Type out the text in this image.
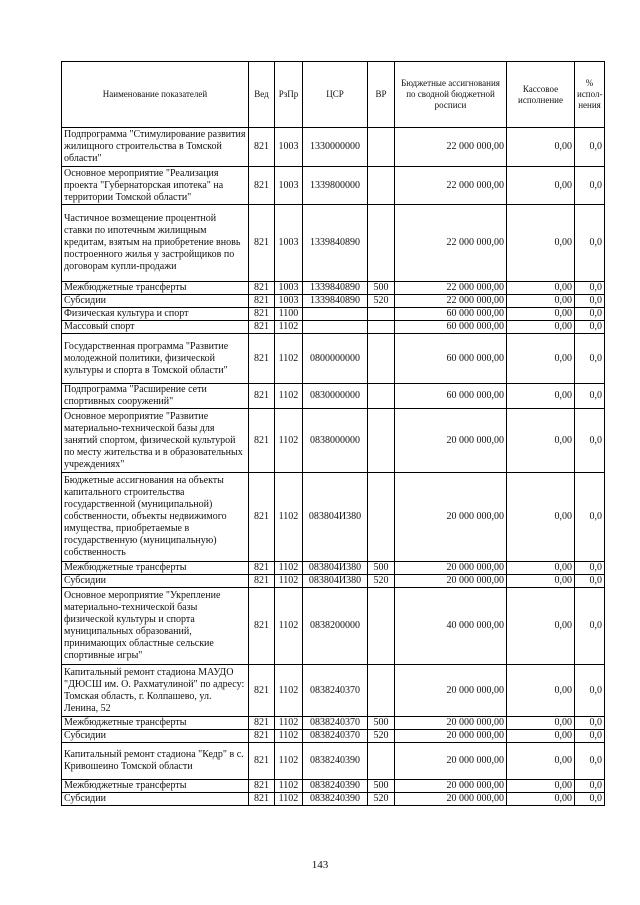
Наименование показателей	Вед	РзПр	ЦСР	ВР	Бюджетные ассигнования по сводной бюджетной росписи	Кассовое исполнение	% испол-нения
Подпрограмма "Стимулирование развития жилищного строительства в Томской области"	821	1003	1330000000		22 000 000,00	0,00	0,0
Основное мероприятие "Реализация проекта "Губернаторская ипотека" на территории Томской области"	821	1003	1339800000		22 000 000,00	0,00	0,0
Частичное возмещение процентной ставки по ипотечным жилищным кредитам, взятым на приобретение вновь построенного жилья у застройщиков по договорам купли-продажи	821	1003	1339840890		22 000 000,00	0,00	0,0
Межбюджетные трансферты	821	1003	1339840890	500	22 000 000,00	0,00	0,0
Субсидии	821	1003	1339840890	520	22 000 000,00	0,00	0,0
Физическая культура и спорт	821	1100			60 000 000,00	0,00	0,0
Массовый спорт	821	1102			60 000 000,00	0,00	0,0
Государственная программа "Развитие молодежной политики, физической культуры и спорта в Томской области"	821	1102	0800000000		60 000 000,00	0,00	0,0
Подпрограмма "Расширение сети спортивных сооружений"	821	1102	0830000000		60 000 000,00	0,00	0,0
Основное мероприятие "Развитие материально-технической базы для занятий спортом, физической культурой по месту жительства и в образовательных учреждениях"	821	1102	0838000000		20 000 000,00	0,00	0,0
Бюджетные ассигнования на объекты капитального строительства государственной (муниципальной) собственности, объекты недвижимого имущества, приобретаемые в государственную (муниципальную) собственность	821	1102	083804И380		20 000 000,00	0,00	0,0
Межбюджетные трансферты	821	1102	083804И380	500	20 000 000,00	0,00	0,0
Субсидии	821	1102	083804И380	520	20 000 000,00	0,00	0,0
Основное мероприятие "Укрепление материально-технической базы физической культуры и спорта муниципальных образований, принимающих областные сельские спортивные игры"	821	1102	0838200000		40 000 000,00	0,00	0,0
Капитальный ремонт стадиона МАУДО "ДЮСШ им. О. Рахматулиной" по адресу: Томская область, г. Колпашево, ул. Ленина, 52	821	1102	0838240370		20 000 000,00	0,00	0,0
Межбюджетные трансферты	821	1102	0838240370	500	20 000 000,00	0,00	0,0
Субсидии	821	1102	0838240370	520	20 000 000,00	0,00	0,0
Капитальный ремонт стадиона "Кедр" в с. Кривошеино Томской области	821	1102	0838240390		20 000 000,00	0,00	0,0
Межбюджетные трансферты	821	1102	0838240390	500	20 000 000,00	0,00	0,0
Субсидии	821	1102	0838240390	520	20 000 000,00	0,00	0,0
143
